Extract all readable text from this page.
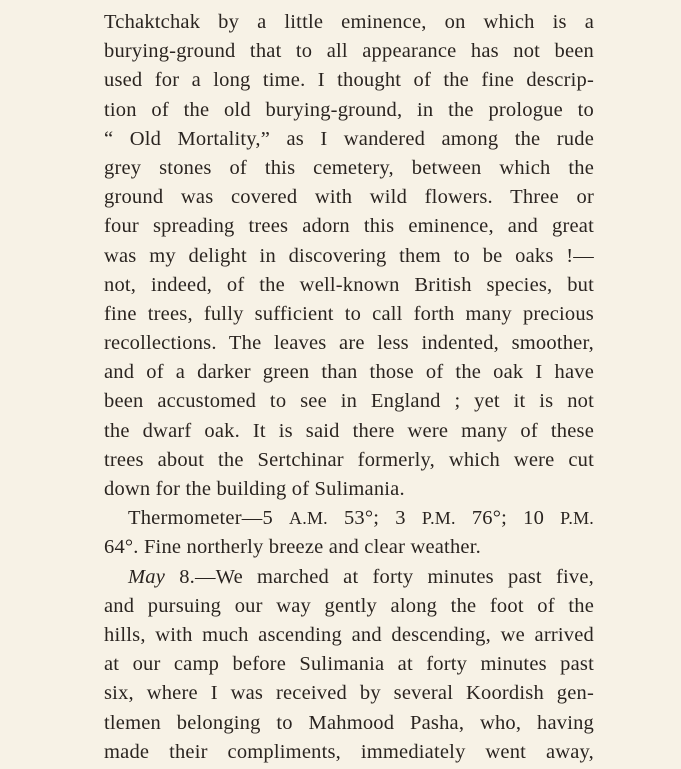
Tchaktchak by a little eminence, on which is a
burying-ground that to all appearance has not been
used for a long time. I thought of the fine descrip-
tion of the old burying-ground, in the prologue to
“ Old Mortality,” as I wandered among the rude
grey stones of this cemetery, between which the
ground was covered with wild flowers. Three or
four spreading trees adorn this eminence, and great
was my delight in discovering them to be oaks !—
not, indeed, of the well-known British species, but
fine trees, fully sufficient to call forth many precious
recollections. The leaves are less indented, smoother,
and of a darker green than those of the oak I have
been accustomed to see in England ; yet it is not
the dwarf oak. It is said there were many of these
trees about the Sertchinar formerly, which were cut
down for the building of Sulimania.
Thermometer—5 A.M. 53°; 3 P.M. 76°; 10 P.M.
64°. Fine northerly breeze and clear weather.
May 8.—We marched at forty minutes past five,
and pursuing our way gently along the foot of the
hills, with much ascending and descending, we arrived
at our camp before Sulimania at forty minutes past
six, where I was received by several Koordish gen-
tlemen belonging to Mahmood Pasha, who, having
made their compliments, immediately went away,
